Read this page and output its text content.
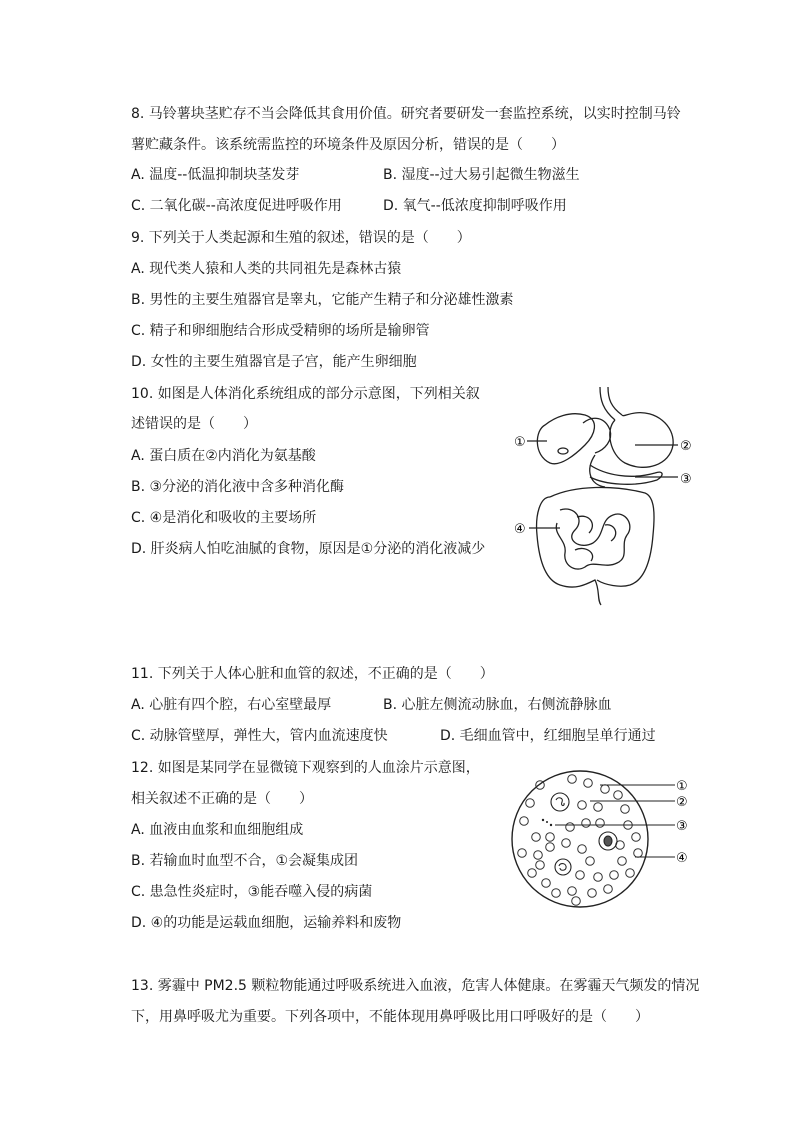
8. 马铃薯块茎贮存不当会降低其食用价值。研究者要研发一套监控系统，以实时控制马铃
薯贮藏条件。该系统需监控的环境条件及原因分析，错误的是（　　）
A. 温度--低温抑制块茎发芽	B. 湿度--过大易引起微生物滋生
C. 二氧化碳--高浓度促进呼吸作用	D. 氧气--低浓度抑制呼吸作用
9. 下列关于人类起源和生殖的叙述，错误的是（　　）
A. 现代类人猿和人类的共同祖先是森林古猿
B. 男性的主要生殖器官是睾丸，它能产生精子和分泌雄性激素
C. 精子和卵细胞结合形成受精卵的场所是输卵管
D. 女性的主要生殖器官是子宫，能产生卵细胞
10. 如图是人体消化系统组成的部分示意图，下列相关叙
述错误的是（　　）
A. 蛋白质在②内消化为氨基酸
B. ③分泌的消化液中含多种消化酶
C. ④是消化和吸收的主要场所
D. 肝炎病人怕吃油腻的食物，原因是①分泌的消化液减少
①	②
③
④
11. 下列关于人体心脏和血管的叙述，不正确的是（　　）
A. 心脏有四个腔，右心室壁最厚	B. 心脏左侧流动脉血，右侧流静脉血
C. 动脉管壁厚，弹性大，管内血流速度快	D. 毛细血管中，红细胞呈单行通过
12. 如图是某同学在显微镜下观察到的人血涂片示意图，
相关叙述不正确的是（　　）
A. 血液由血浆和血细胞组成
B. 若输血时血型不合，①会凝集成团
C. 患急性炎症时，③能吞噬入侵的病菌
D. ④的功能是运载血细胞，运输养料和废物
①
②
③
④
13. 雾霾中 PM2.5 颗粒物能通过呼吸系统进入血液，危害人体健康。在雾霾天气频发的情况
下，用鼻呼吸尤为重要。下列各项中，不能体现用鼻呼吸比用口呼吸好的是（　　）
